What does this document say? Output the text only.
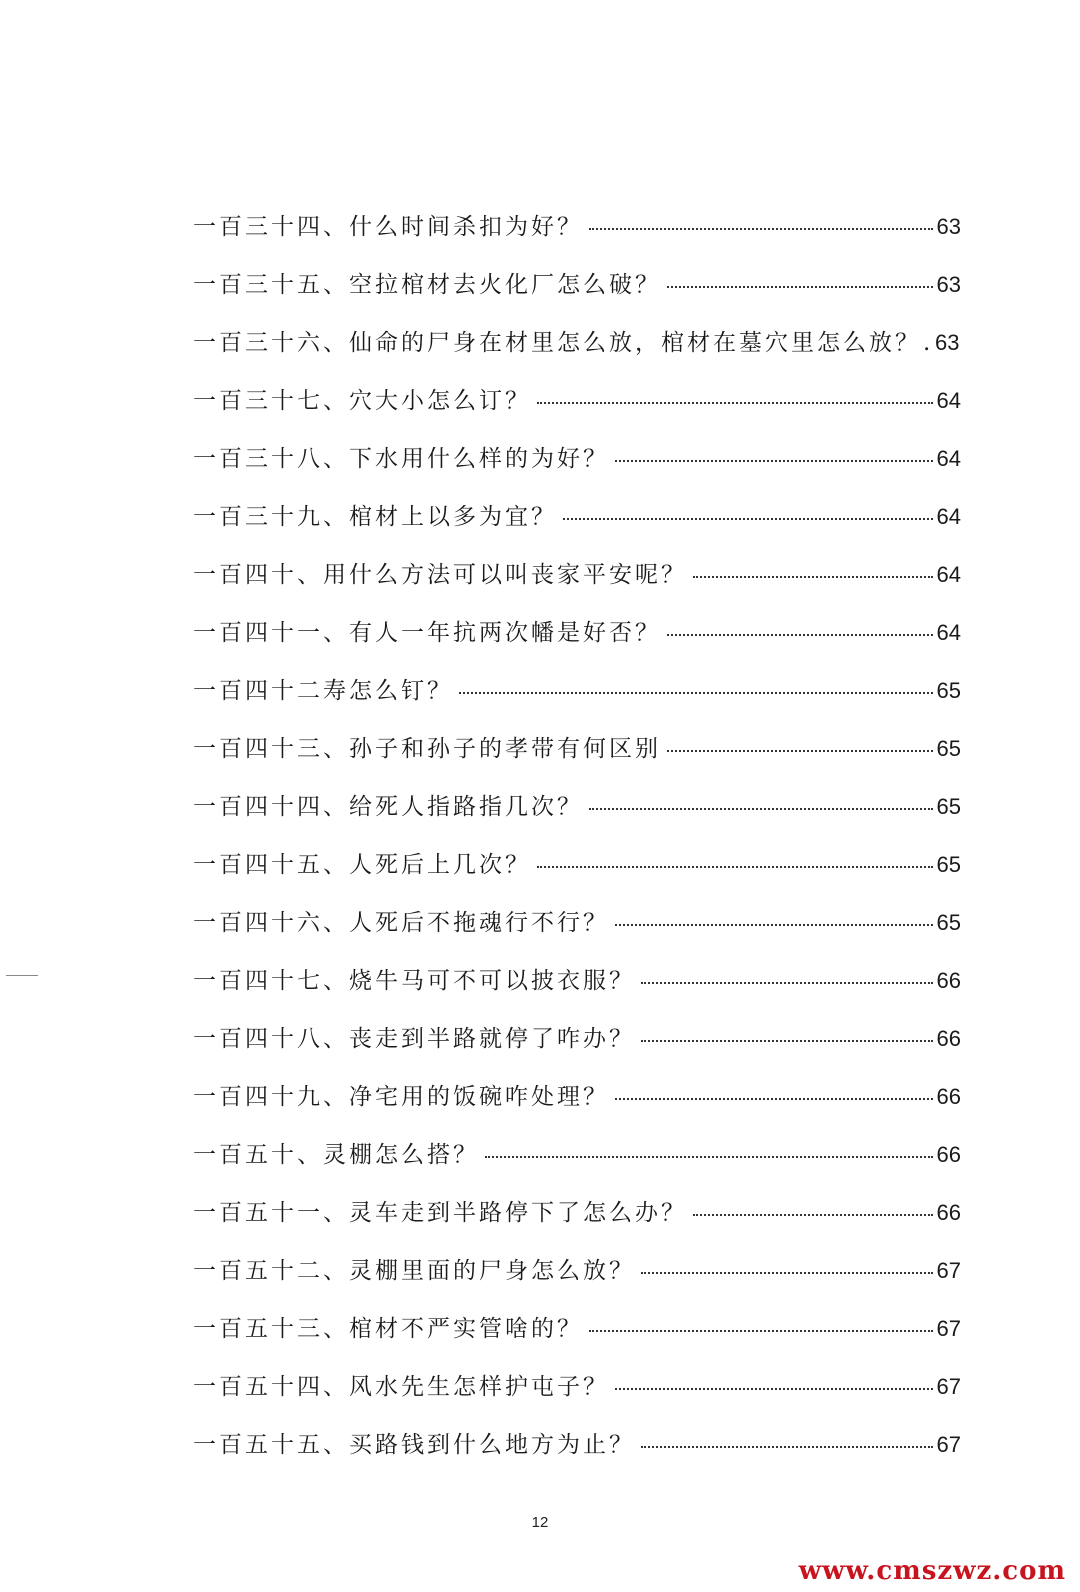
一百三十四、什么时间杀扣为好？	63
一百三十五、空拉棺材去火化厂怎么破？	63
一百三十六、仙命的尸身在材里怎么放，棺材在墓穴里怎么放？ . 63
一百三十七、穴大小怎么订？	64
一百三十八、下水用什么样的为好？	64
一百三十九、棺材上以多为宜？	64
一百四十、用什么方法可以叫丧家平安呢？	64
一百四十一、有人一年抗两次幡是好否？	64
一百四十二寿怎么钉？	65
一百四十三、孙子和孙子的孝带有何区别	65
一百四十四、给死人指路指几次？	65
一百四十五、人死后上几次？	65
一百四十六、人死后不拖魂行不行？	65
一百四十七、烧牛马可不可以披衣服？	66
一百四十八、丧走到半路就停了咋办？	66
一百四十九、净宅用的饭碗咋处理？	66
一百五十、灵棚怎么搭？	66
一百五十一、灵车走到半路停下了怎么办？	66
一百五十二、灵棚里面的尸身怎么放？	67
一百五十三、棺材不严实管啥的？	67
一百五十四、风水先生怎样护屯子？	67
一百五十五、买路钱到什么地方为止？	67
12
www.cmszwz.com
